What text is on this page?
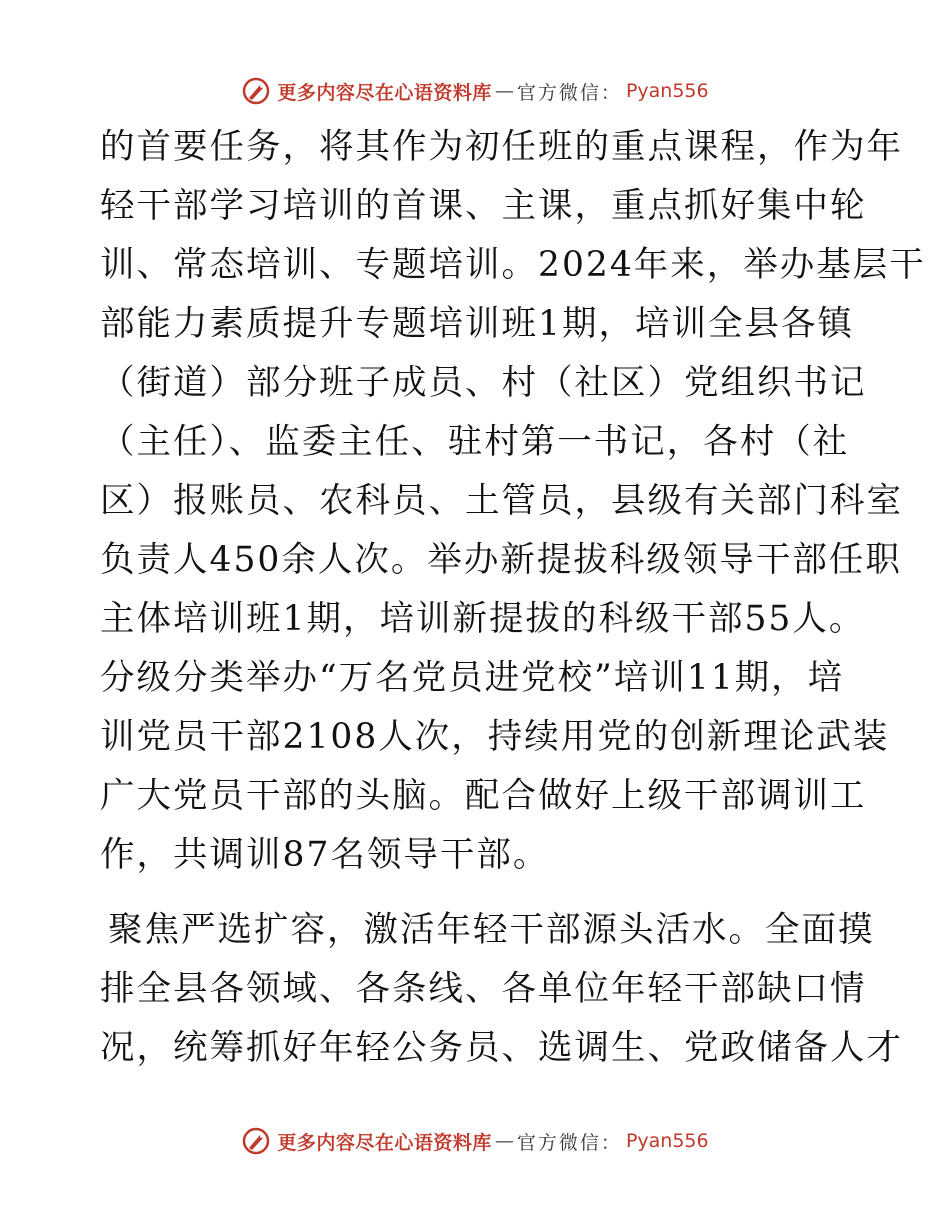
更多内容尽在心语资料库 — 官方微信： Pyan556

的首要任务，将其作为初任班的重点课程，作为年
轻干部学习培训的首课、主课，重点抓好集中轮
训、常态培训、专题培训。2024年来，举办基层干
部能力素质提升专题培训班1期，培训全县各镇
（街道）部分班子成员、村（社区）党组织书记
（主任）、监委主任、驻村第一书记，各村（社
区）报账员、农科员、土管员，县级有关部门科室
负责人450余人次。举办新提拔科级领导干部任职
主体培训班1期，培训新提拔的科级干部55人。
分级分类举办“万名党员进党校”培训11期，培
训党员干部2108人次，持续用党的创新理论武装
广大党员干部的头脑。配合做好上级干部调训工
作，共调训87名领导干部。

聚焦严选扩容，激活年轻干部源头活水。全面摸
排全县各领域、各条线、各单位年轻干部缺口情
况，统筹抓好年轻公务员、选调生、党政储备人才

更多内容尽在心语资料库 — 官方微信： Pyan556
